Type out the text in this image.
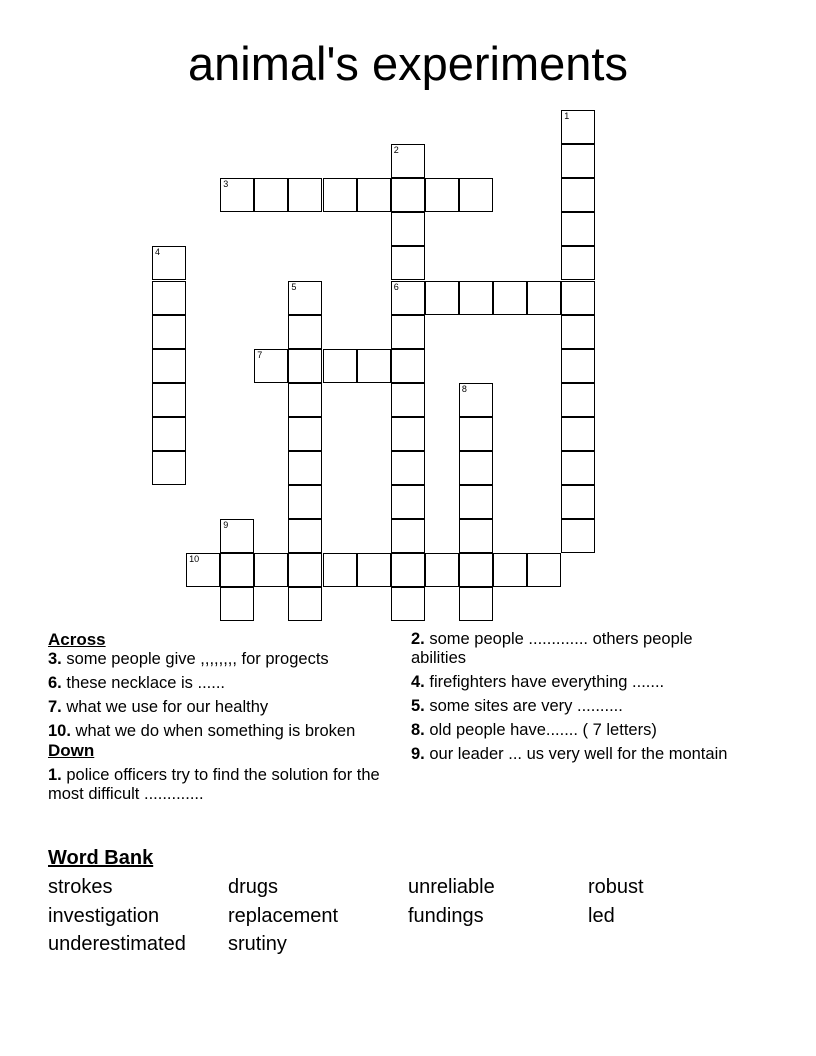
animal's experiments
1
2
3
4
5	6
7
8
9
10
Across
3. some people give ,,,,,,,, for progects
6. these necklace is ......
7. what we use for our healthy
10. what we do when something is broken
Down
1. police officers try to find the solution for the most difficult .............
2. some people ............. others people abilities
4. firefighters have everything .......
5. some sites are very ..........
8. old people have....... ( 7 letters)
9. our leader ... us very well for the montain
Word Bank
strokes	drugs	unreliable	robust
investigation	replacement	fundings	led
underestimated srutiny
